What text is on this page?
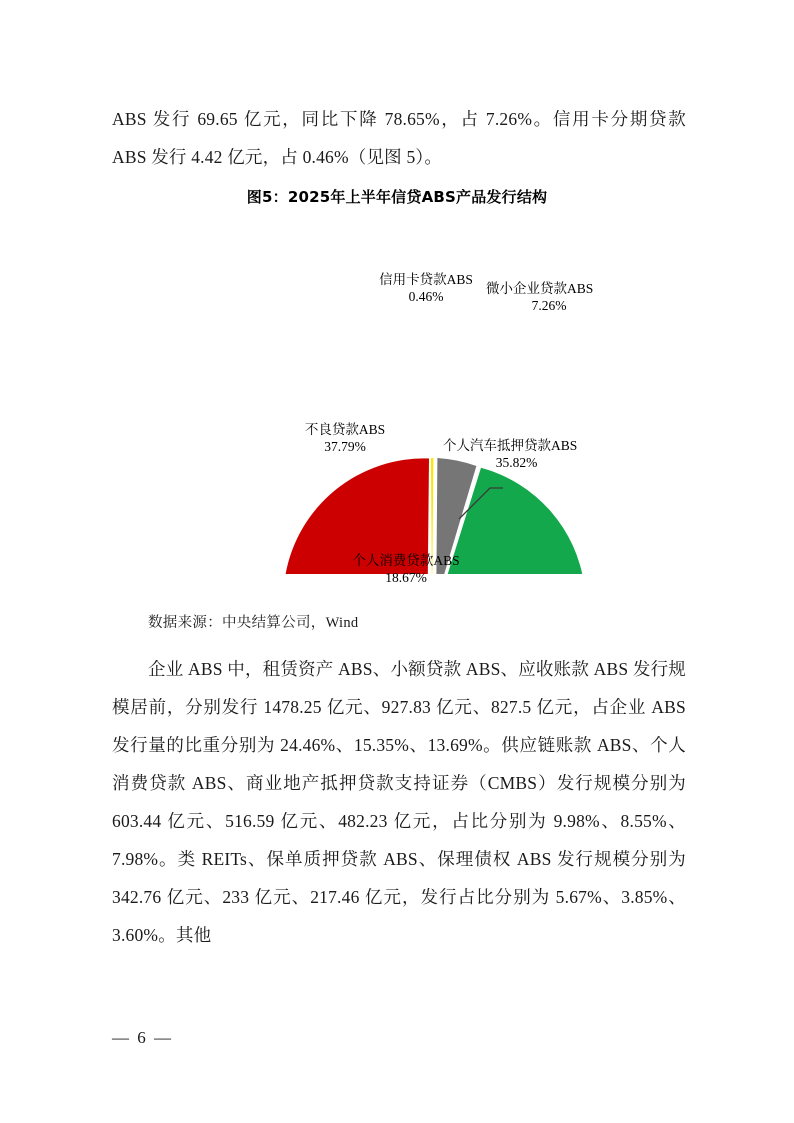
ABS 发行 69.65 亿元，同比下降 78.65%，占 7.26%。信用卡分期贷款 ABS 发行 4.42 亿元，占 0.46%（见图 5）。
图5：2025年上半年信贷ABS产品发行结构
信用卡贷款ABS
0.46%
微小企业贷款ABS
7.26%
个人汽车抵押贷款ABS
35.82%
个人消费贷款ABS
18.67%
不良贷款ABS
37.79%
数据来源：中央结算公司，Wind
企业 ABS 中，租赁资产 ABS、小额贷款 ABS、应收账款 ABS 发行规模居前，分别发行 1478.25 亿元、927.83 亿元、827.5 亿元，占企业 ABS 发行量的比重分别为 24.46%、15.35%、13.69%。供应链账款 ABS、个人消费贷款 ABS、商业地产抵押贷款支持证券（CMBS）发行规模分别为 603.44 亿元、516.59 亿元、482.23 亿元，占比分别为 9.98%、8.55%、7.98%。类 REITs、保单质押贷款 ABS、保理债权 ABS 发行规模分别为 342.76 亿元、233 亿元、217.46 亿元，发行占比分别为 5.67%、3.85%、3.60%。其他
— 6 —
